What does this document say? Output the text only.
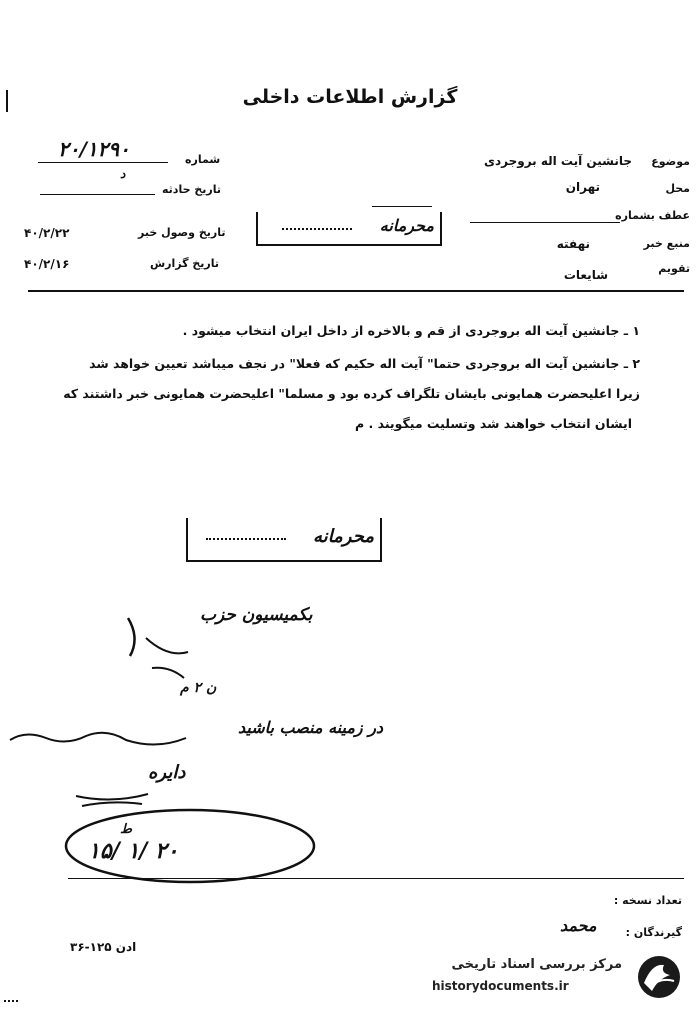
گزارش اطلاعات داخلی
موضوع
جانشین آیت اله بروجردی
محل
تهران
عطف بشماره
منبع خبر
نهفته
تقویم
شایعات
شماره
۲۰/۱۲۹۰
د
تاریخ حادثه
تاریخ وصول خبر
۴۰/۲/۲۲
تاریخ گزارش
۴۰/۲/۱۶
محرمانه
۱ ـ جانشین آیت اله بروجردی از قم و بالاخره از داخل ایران انتخاب میشود .
۲ ـ جانشین آیت اله بروجردی حتما" آیت اله حکیم که فعلا" در نجف میباشد تعیین خواهد شد
زیرا اعلیحضرت همایونی بایشان تلگراف کرده بود و مسلما" اعلیحضرت همایونی خبر داشتند که
ایشان انتخاب خواهند شد وتسلیت میگویند . م
محرمانه
بکمیسیون حزب
ن ۲ م
در زمینه منصب باشید
دایره
ط
۱۵/ ۱/ ۲۰
تعداد نسخه :
گیرندگان :
ﻣﺤﻤﺪ
۳۶-۱۲۵ ادن
مرکز بررسی اسناد تاریخی
historydocuments.ir
